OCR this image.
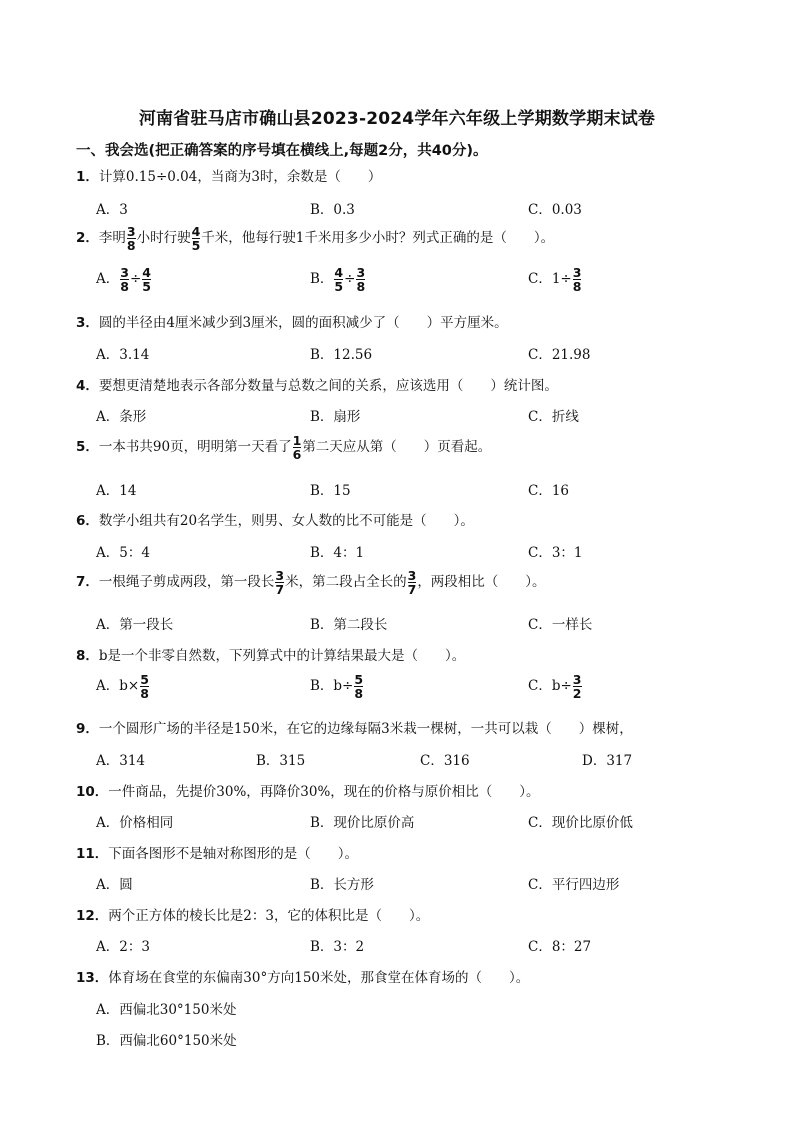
河南省驻马店市确山县2023-2024学年六年级上学期数学期末试卷
一、我会选(把正确答案的序号填在横线上,每题2分，共40分)。
1．计算0.15÷0.04，当商为3时，余数是（　　）
A．3	B．0.3	C．0.03
2．李明 $\frac{3}{8}$ 小时行驶 $\frac{4}{5}$ 千米，他每行驶1千米用多少小时？列式正确的是（　　）。
A． $\frac{3}{8} \div \frac{4}{5}$	B． $\frac{4}{5} \div \frac{3}{8}$	C．$1\div \frac{3}{8}$
3．圆的半径由4厘米减少到3厘米，圆的面积减少了（　　）平方厘米。
A．3.14	B．12.56	C．21.98
4．要想更清楚地表示各部分数量与总数之间的关系，应该选用（　　）统计图。
A．条形	B．扇形	C．折线
5．一本书共90页，明明第一天看了 $\frac{1}{6}$ 第二天应从第（　　）页看起。
A．14	B．15	C．16
6．数学小组共有20名学生，则男、女人数的比不可能是（　　）。
A．5：4	B．4：1	C．3：1
7．一根绳子剪成两段，第一段长 $\frac{3}{7}$ 米，第二段占全长的 $\frac{3}{7}$ ，两段相比（　　）。
A．第一段长	B．第二段长	C．一样长
8．b是一个非零自然数，下列算式中的计算结果最大是（　　）。
A．$b\times \frac{5}{8}$	B．$b\div \frac{5}{8}$	C．$b\div \frac{3}{2}$
9．一个圆形广场的半径是150米，在它的边缘每隔3米栽一棵树，一共可以栽（　　）棵树，
A．314	B．315	C．316	D．317
10．一件商品，先提价30%，再降价30%，现在的价格与原价相比（　　）。
A．价格相同	B．现价比原价高	C．现价比原价低
11．下面各图形不是轴对称图形的是（　　）。
A．圆	B．长方形	C．平行四边形
12．两个正方体的棱长比是2：3，它的体积比是（　　）。
A．2：3	B．3：2	C．8：27
13．体育场在食堂的东偏南30°方向150米处，那食堂在体育场的（　　）。
A．西偏北30°150米处
B．西偏北60°150米处
